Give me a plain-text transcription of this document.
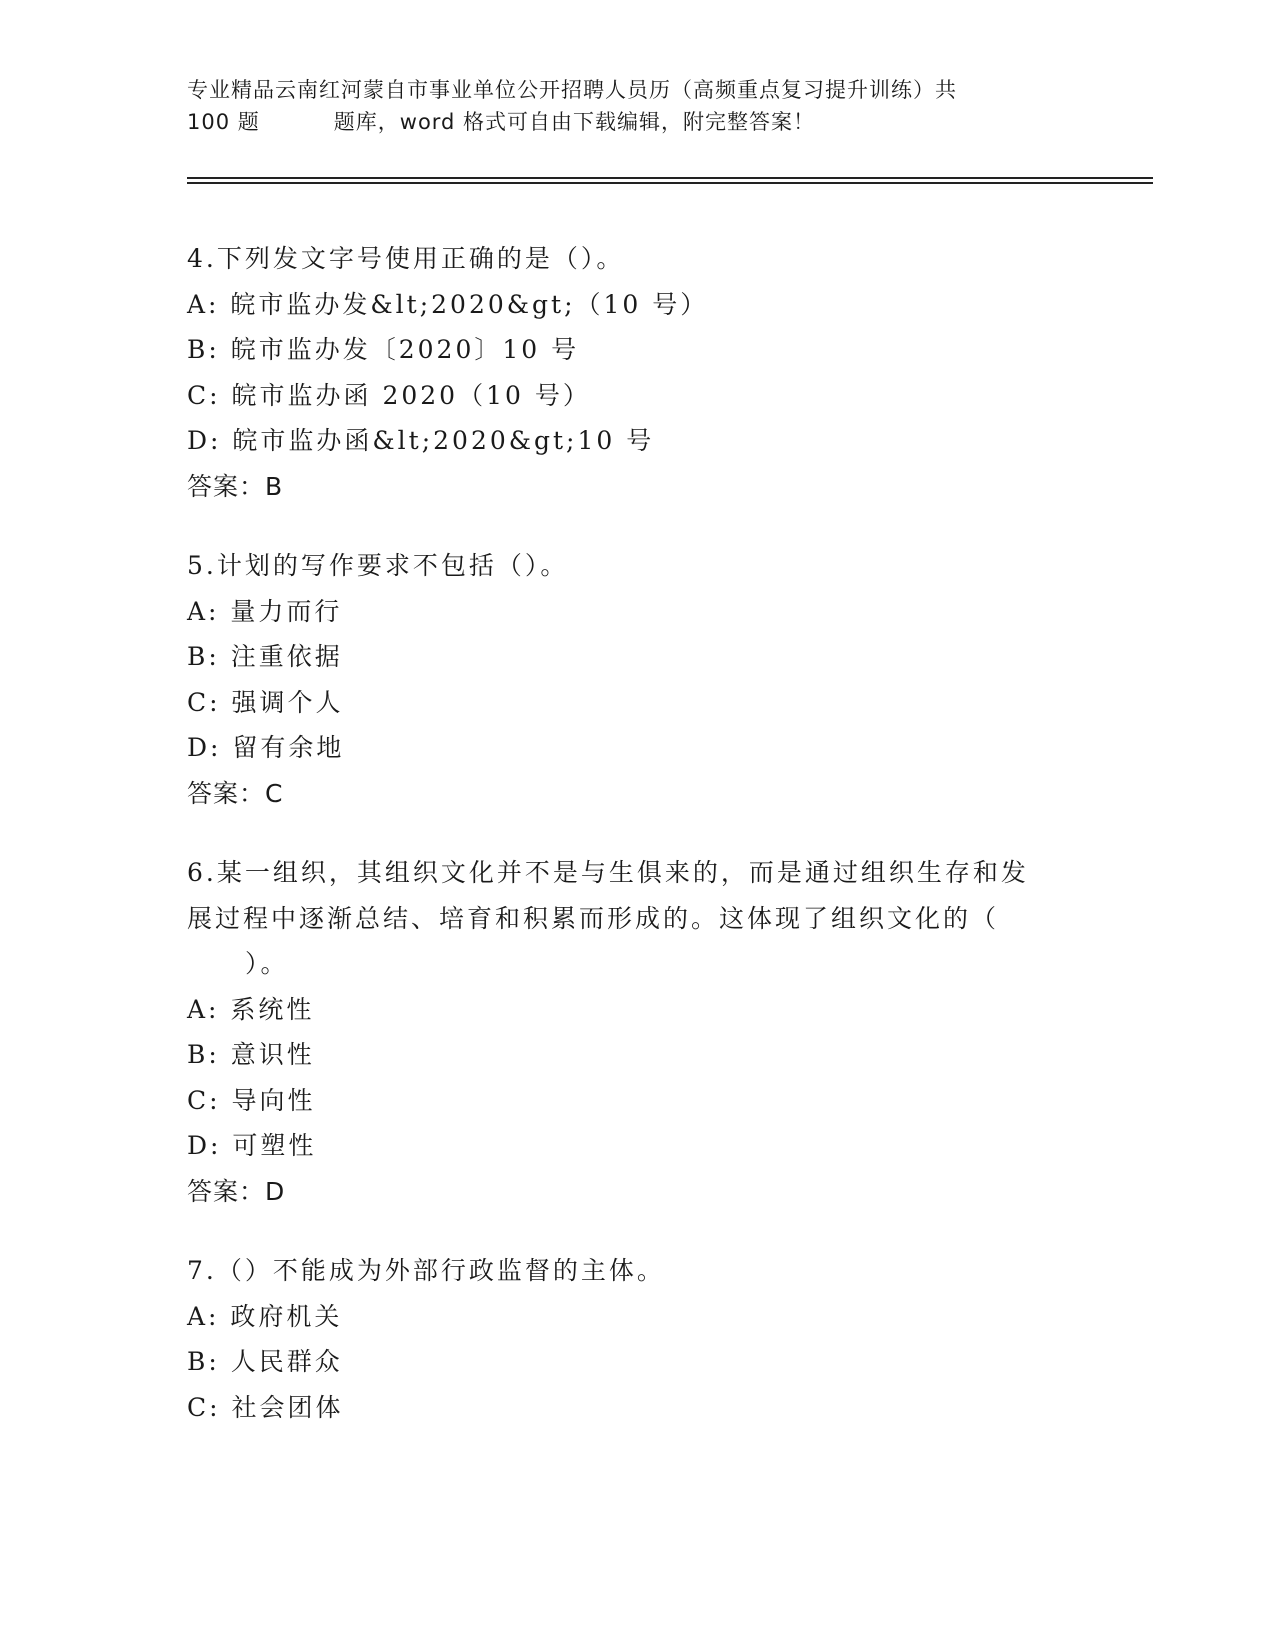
专业精品云南红河蒙自市事业单位公开招聘人员历（高频重点复习提升训练）共
100 题	题库，word 格式可自由下载编辑，附完整答案！
4.下列发文字号使用正确的是（）。
A: 皖市监办发&lt;2020&gt;（10 号）
B: 皖市监办发〔2020〕10 号
C: 皖市监办函 2020（10 号）
D: 皖市监办函&lt;2020&gt;10 号
答案：B
5.计划的写作要求不包括（）。
A: 量力而行
B: 注重依据
C: 强调个人
D: 留有余地
答案：C
6.某一组织，其组织文化并不是与生俱来的，而是通过组织生存和发
展过程中逐渐总结、培育和积累而形成的。这体现了组织文化的（
）。
A: 系统性
B: 意识性
C: 导向性
D: 可塑性
答案：D
7.（）不能成为外部行政监督的主体。
A: 政府机关
B: 人民群众
C: 社会团体
